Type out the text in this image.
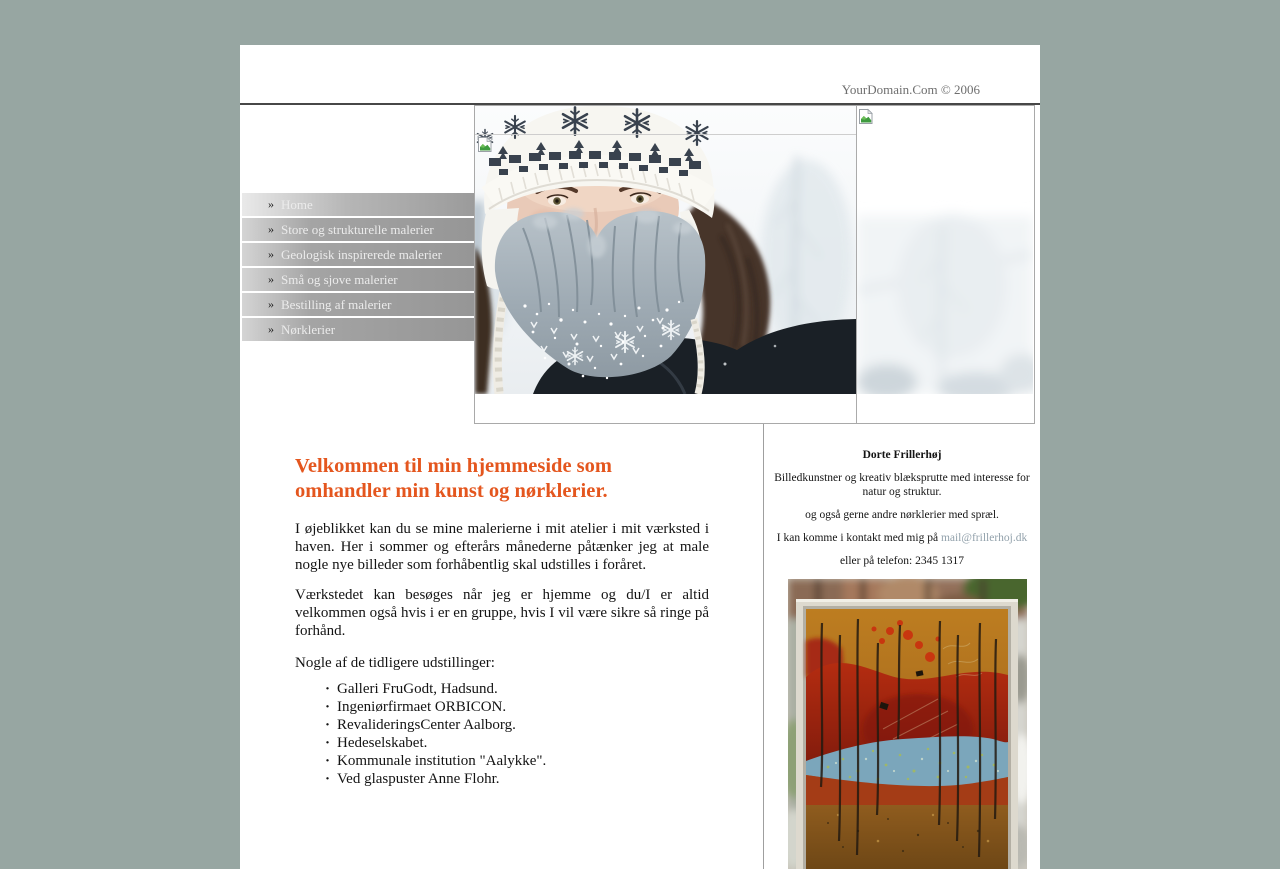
YourDomain.Com © 2006
» Home
» Store og strukturelle malerier
» Geologisk inspirerede malerier
» Små og sjove malerier
» Bestilling af malerier
» Nørklerier
Velkommen til min hjemmeside som omhandler min kunst og nørklerier.

I øjeblikket kan du se mine malerierne i mit atelier i mit værksted i haven. Her i sommer og efterårs månederne påtænker jeg at male nogle nye billeder som forhåbentlig skal udstilles i foråret.

Værkstedet kan besøges når jeg er hjemme og du/I er altid velkommen også hvis i er en gruppe, hvis I vil være sikre så ringe på forhånd.

Nogle af de tidligere udstillinger:

· Galleri FruGodt, Hadsund.
· Ingeniørfirmaet ORBICON.
· RevalideringsCenter Aalborg.
· Hedeselskabet.
· Kommunale institution "Aalykke".
· Ved glaspuster Anne Flohr.

Dorte Frillerhøj

Billedkunstner og kreativ blæksprutte med interesse for natur og struktur.

og også gerne andre nørklerier med spræl.

I kan komme i kontakt med mig på mail@frillerhoj.dk

eller på telefon: 2345 1317
